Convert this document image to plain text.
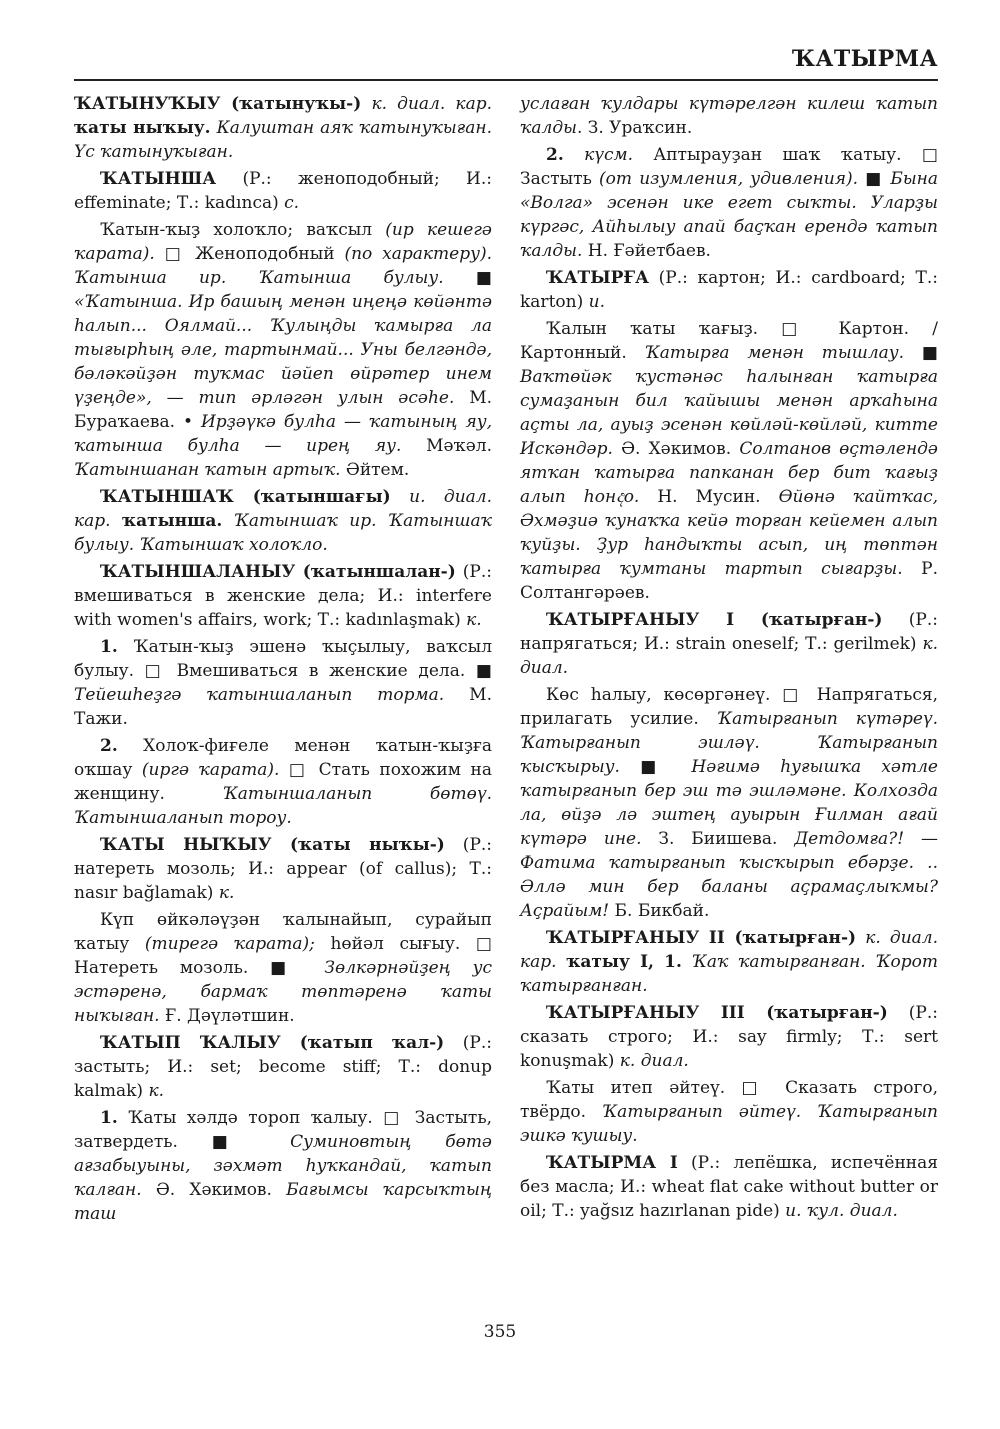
ҠАТЫРМА

ҠАТЫНУҠЫУ (ҡатынуҡы-) к. диал. кар. ҡаты ныҡыу. Калуштан аяҡ ҡатынуҡыған. Үс ҡатынуҡыған.

ҠАТЫНША (Р.: женоподобный; И.: effeminate; Т.: kadınca) с.

Ҡатын-ҡыҙ холоҡло; ваҡсыл (ир кешегә ҡарата). □ Женоподобный (по характеру). Ҡатынша ир. Ҡатынша булыу. ■ «Ҡатынша. Ир башың менән иңеңә көйәнтә һалып... Оялмай... Ҡулыңды ҡамырға ла тығырһың әле, тартынмай... Уны белгәндә, бәләкәйҙән туҡмас йәйеп өйрәтер инем үҙеңде», — тип әрләгән улын әсәһе. М. Бураҡаева. • Ирҙәүкә булһа — ҡатының яу, ҡатынша булһа — ирең яу. Мәҡәл. Ҡатыншанан ҡатын артыҡ. Әйтем.

ҠАТЫНШАҠ (ҡатыншағы) и. диал. кар. ҡатынша. Ҡатыншаҡ ир. Ҡатыншаҡ булыу. Ҡатыншаҡ холоҡло.

ҠАТЫНШАЛАНЫУ (ҡатыншалан-) (Р.: вмешиваться в женские дела; И.: interfere with women's affairs, work; Т.: kadınlaşmak) к.

1. Ҡатын-ҡыҙ эшенә ҡыҫылыу, ваҡсыл булыу. □ Вмешиваться в женские дела. ■ Тейешһеҙгә ҡатыншаланып торма. М. Тажи.

2. Холоҡ-фиғеле менән ҡатын-ҡыҙға оҡшау (иргә ҡарата). □ Стать похожим на женщину. Ҡатыншаланып бөтөү. Ҡатыншаланып тороу.

ҠАТЫ НЫҠЫУ (ҡаты ныҡы-) (Р.: натереть мозоль; И.: appear (of callus); Т.: nasır bağlamak) к.

Күп өйкәләүҙән ҡалынайып, сурайып ҡатыу (тирегә ҡарата); һөйәл сығыу. □ Натереть мозоль. ■ Зөлкәрнәйҙең ус эстәренә, бармаҡ төптәренә ҡаты ныҡыған. Ғ. Дәүләтшин.

ҠАТЫП ҠАЛЫУ (ҡатып ҡал-) (Р.: застыть; И.: set; become stiff; Т.: donup kalmak) к.

1. Ҡаты хәлдә тороп ҡалыу. □ Застыть, затвердеть. ■ Суминовтың бөтә ағзабыуыны, зәхмәт һуҡкандай, ҡатып ҡалған. Ә. Хәкимов. Бағымсы ҡарсыҡтың таш

услаған ҡулдары күтәрелгән килеш ҡатып ҡалды. З. Ураҡсин.

2. күсм. Аптырауҙан шаҡ ҡатыу. □ Застыть (от изумления, удивления). ■ Бына «Волга» эсенән ике егет сыҡты. Уларҙы күргәс, Айһылыу апай баҫҡан ерендә ҡатып ҡалды. Н. Ғәйетбаев.

ҠАТЫРҒА (Р.: картон; И.: cardboard; Т.: karton) и.

Ҡалын ҡаты ҡағыҙ. □ Картон. / Картонный. Ҡатырға менән тышлау. ■ Ваҡтөйәк ҡустәнәс һалынған ҡатырға сумаҙанын бил ҡайышы менән арҡаһына аҫты ла, ауыҙ эсенән көйләй-көйләй, китте Искәндәр. Ә. Хәкимов. Солтанов өҫтәлендә ятҡан ҡатырға папканан бер бит ҡағыҙ алып һонදо. Н. Мусин. Өйөнә ҡайтҡас, Әхмәҙиә ҡунаҡҡа кейә торған кейемен алып ҡуйҙы. Ҙур һандыҡты асып, иң төптән ҡатырға ҡумтаны тартып сығарҙы. Р. Солтангәрәев.

ҠАТЫРҒАНЫУ I (ҡатырған-) (Р.: напрягаться; И.: strain oneself; Т.: gerilmek) к. диал.

Көс һалыу, көсөргәнеү. □ Напрягаться, прилагать усилие. Ҡатырғанып күтәреү. Ҡатырғанып эшләү. Ҡатырғанып ҡысҡырыу. ■ Нәғимә һуғышҡа хәтле ҡатырғанып бер эш тә эшләмәне. Колхозда ла, өйҙә лә эштең ауырын Ғилман ағай күтәрә ине. З. Биишева. Детдомға?! — Фатима ҡатырғанып ҡысҡырып ебәрҙе. .. Әллә мин бер баланы аҫрамаҫлыҡмы? Аҫрайым! Б. Бикбай.

ҠАТЫРҒАНЫУ II (ҡатырған-) к. диал. кар. ҡатыу I, 1. Ҡаҡ ҡатырғанған. Ҡорот ҡатырғанған.

ҠАТЫРҒАНЫУ III (ҡатырған-) (Р.: сказать строго; И.: say firmly; Т.: sert konuşmak) к. диал.

Ҡаты итеп әйтеү. □ Сказать строго, твёрдо. Ҡатырғанып әйтеү. Ҡатырғанып эшкә ҡушыу.

ҠАТЫРМА I (Р.: лепёшка, испечённая без масла; И.: wheat flat cake without butter or oil; Т.: yağsız hazırlanan pide) и. ҡул. диал.

355
